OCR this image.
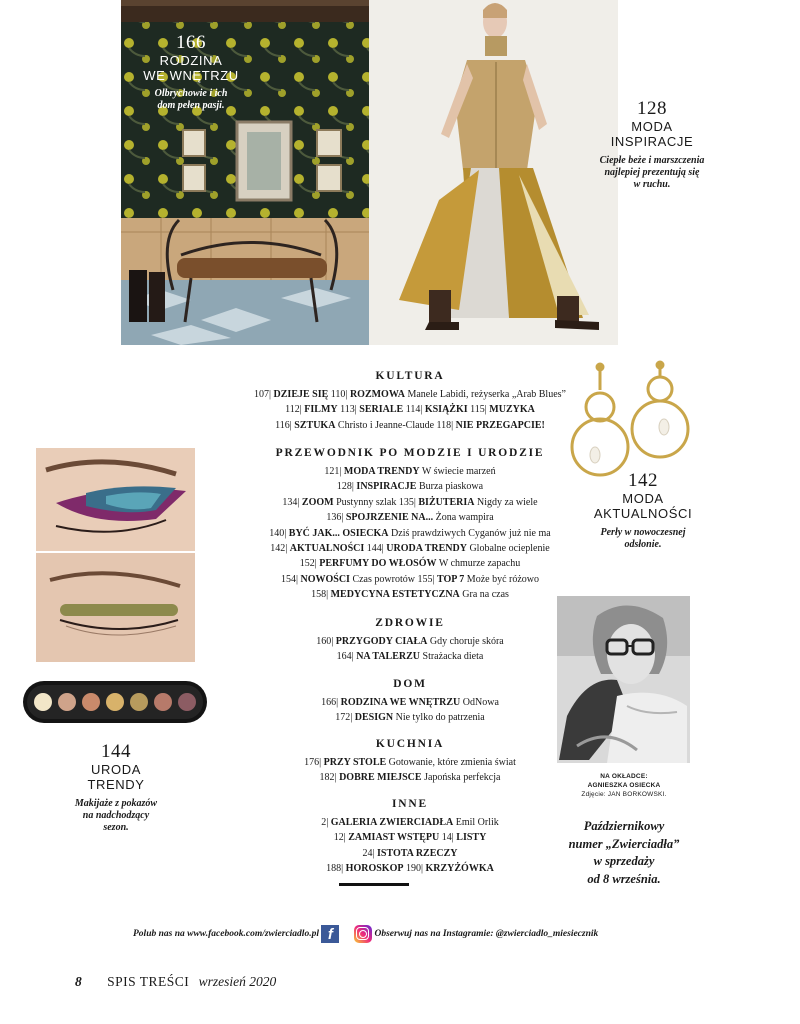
166
RODZINA
WE WNĘTRZU
Olbrychowie i ich
dom pełen pasji.	128
MODA
INSPIRACJE
Ciepłe beże i marszczenia
najlepiej prezentują się
w ruchu.
142
MODA
AKTUALNOŚCI
Perły w nowoczesnej
odsłonie.
144
URODA
TRENDY
Makijaże z pokazów
na nadchodzący
sezon.
NA OKŁADCE:
AGNIESZKA OSIECKA
Zdjęcie: JAN BORKOWSKI.
Październikowy
numer „Zwierciadła”
w sprzedaży
od 8 września.
KULTURA
107| DZIEJE SIĘ 110| ROZMOWA Manele Labidi, reżyserka „Arab Blues”
112| FILMY 113| SERIALE 114| KSIĄŻKI 115| MUZYKA
116| SZTUKA Christo i Jeanne-Claude 118| NIE PRZEGAPCIE!
PRZEWODNIK PO MODZIE I URODZIE
121| MODA TRENDY W świecie marzeń
128| INSPIRACJE Burza piaskowa
134| ZOOM Pustynny szlak 135| BIŻUTERIA Nigdy za wiele
136| SPOJRZENIE NA... Żona wampira
140| BYĆ JAK... OSIECKA Dziś prawdziwych Cyganów już nie ma
142| AKTUALNOŚCI 144| URODA TRENDY Globalne ocieplenie
152| PERFUMY DO WŁOSÓW W chmurze zapachu
154| NOWOŚCI Czas powrotów 155| TOP 7 Może być różowo
158| MEDYCYNA ESTETYCZNA Gra na czas
ZDROWIE
160| PRZYGODY CIAŁA Gdy choruje skóra
164| NA TALERZU Strażacka dieta
DOM
166| RODZINA WE WNĘTRZU OdNowa
172| DESIGN Nie tylko do patrzenia
KUCHNIA
176| PRZY STOLE Gotowanie, które zmienia świat
182| DOBRE MIEJSCE Japońska perfekcja
INNE
2| GALERIA ZWIERCIADŁA Emil Orlik
12| ZAMIAST WSTĘPU 14| LISTY
24| ISTOTA RZECZY
188| HOROSKOP 190| KRZYŻÓWKA
Polub nas na www.facebook.com/zwierciadlo.pl f	Obserwuj nas na Instagramie: @zwierciadlo_miesiecznik
8 SPIS TREŚCI wrzesień 2020
